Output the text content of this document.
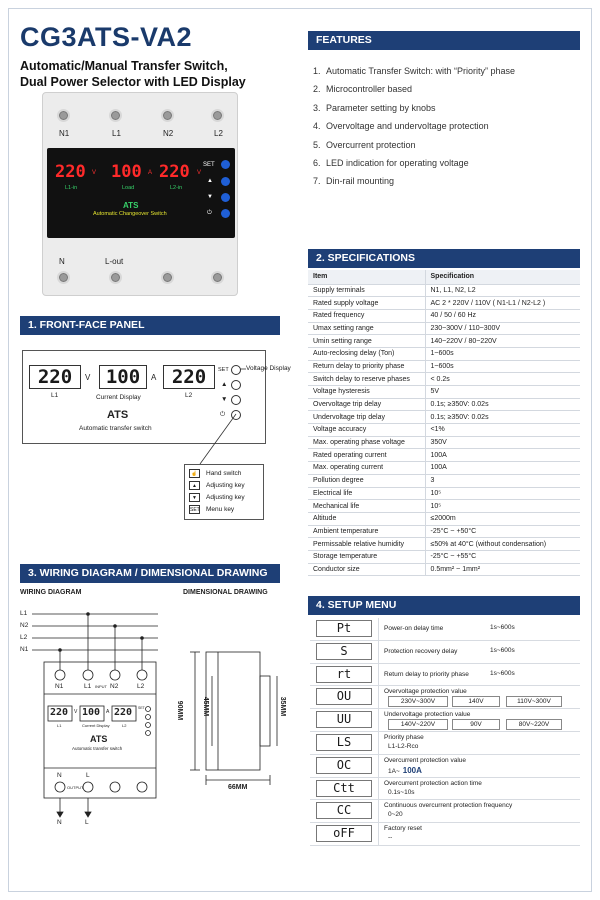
CG3ATS-VA2
Automatic/Manual Transfer Switch,
Dual Power Selector with LED Display
N1	L1	N2	L2
220 V 100 A 220 V
L1-in	Load	L2-in
ATS
Automatic Changeover Switch
SET
▲
▼
⏻
N	L-out
FEATURES
1. Automatic Transfer Switch: with “Priority” phase
2. Microcontroller based
3. Parameter setting by knobs
4. Overvoltage and undervoltage protection
5. Overcurrent protection
6. LED indication for operating voltage
7. Din-rail mounting
1. FRONT-FACE PANEL
220	V 100	A 220
L1	Current Display	L2
ATS
Automatic transfer switch
SET
▲
▼
⏻
Voltage Display
☝ Hand switch
▲ Adjusting key
▼ Adjusting key
SET Menu key
3. WIRING DIAGRAM / DIMENSIONAL DRAWING
WIRING DIAGRAM	DIMENSIONAL DRAWING
L1
N2
L2
N1
N1	L1 INPUT N2	L2
220 V 100 A 220
L1	Current Display	L2
SET
ATS
Automatic transfer switch
N	L
OUTPUT
N	L
90MM	45MM	35MM
66MM
2. SPECIFICATIONS
Item	Specification
Supply terminals	N1, L1, N2, L2
Rated supply voltage	AC 2 * 220V / 110V ( N1-L1 / N2-L2 )
Rated frequency	40 / 50 / 60 Hz
Umax setting range	230~300V / 110~300V
Umin setting range	140~220V / 80~220V
Auto-reclosing delay (Ton)	1~600s
Return delay to priority phase	1~600s
Switch delay to reserve phases	< 0.2s
Voltage hysteresis	5V
Overvoltage trip delay	0.1s; ≥350V: 0.02s
Undervoltage trip delay	0.1s; ≥350V: 0.02s
Voltage accuracy	<1%
Max. operating phase voltage	350V
Rated operating current	100A
Max. operating current	100A
Pollution degree	3
Electrical life	10⁵
Mechanical life	10⁵
Altitude	≤2000m
Ambient temperature	-25°C ~ +50°C
Permissable relative humidity	≤50% at 40°C (without condensation)
Storage temperature	-25°C ~ +55°C
Conductor size	0.5mm² ~ 1mm²
4. SETUP MENU
Pt	Power-on delay time	1s~600s
S	Protection recovery delay	1s~600s
rt	Return delay to priority phase	1s~600s
OU	Overvoltage protection value
230V~300V	140V	110V~300V
UU	Undervoltage protection value
140V~220V	90V	80V~220V
LS	Priority phase
L1-L2-Rco
OC	Overcurrent protection value
1A~ 100A
Ctt	Overcurrent protection action time
0.1s~10s
CC	Continuous overcurrent protection frequency
0~20
oFF	Factory reset
--
